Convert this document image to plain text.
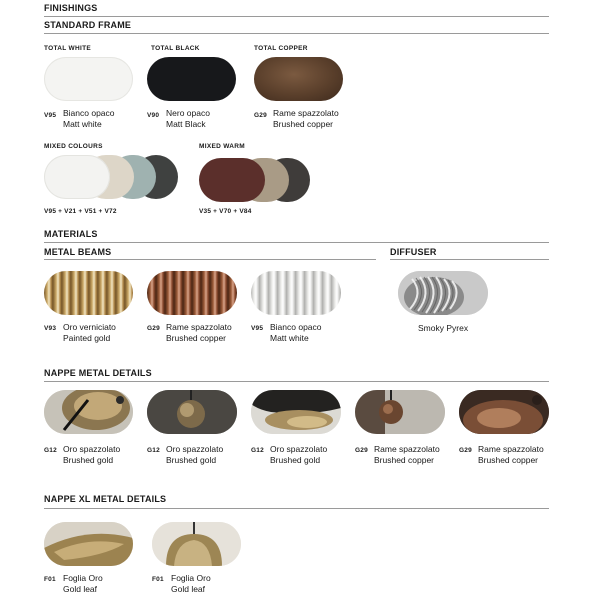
FINISHINGS
STANDARD FRAME
TOTAL WHITE
V95 Bianco opaco
Matt white
TOTAL BLACK
V90 Nero opaco
Matt Black
TOTAL COPPER
G29 Rame spazzolato
Brushed copper
MIXED COLOURS
V95 + V21 + V51 + V72
MIXED WARM
V35 + V70 + V84
MATERIALS
METAL BEAMS	DIFFUSER
V93 Oro verniciato
Painted gold
G29 Rame spazzolato
Brushed copper
V95 Bianco opaco
Matt white
Smoky Pyrex
NAPPE METAL DETAILS
G12 Oro spazzolato
Brushed gold
G12 Oro spazzolato
Brushed gold
G12 Oro spazzolato
Brushed gold
G29 Rame spazzolato
Brushed copper
G29 Rame spazzolato
Brushed copper
NAPPE XL METAL DETAILS
F01 Foglia Oro
Gold leaf
F01 Foglia Oro
Gold leaf
